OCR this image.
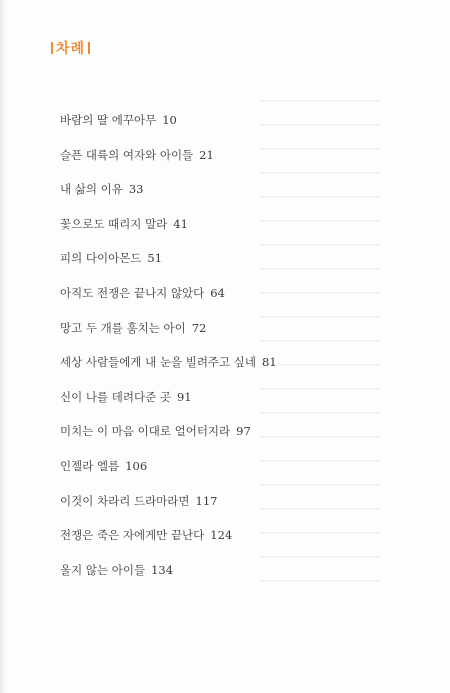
차례
바람의 딸 에꾸아무 10
슬픈 대륙의 여자와 아이들 21
내 삶의 이유 33
꽃으로도 때리지 말라 41
피의 다이아몬드 51
아직도 전쟁은 끝나지 않았다 64
망고 두 개를 훔치는 아이 72
세상 사람들에게 내 눈을 빌려주고 싶네 81
신이 나를 데려다준 곳 91
미치는 이 마음 이대로 얼어터지라 97
인젤라 엘름 106
이것이 차라리 드라마라면 117
전쟁은 죽은 자에게만 끝난다 124
울지 않는 아이들 134
